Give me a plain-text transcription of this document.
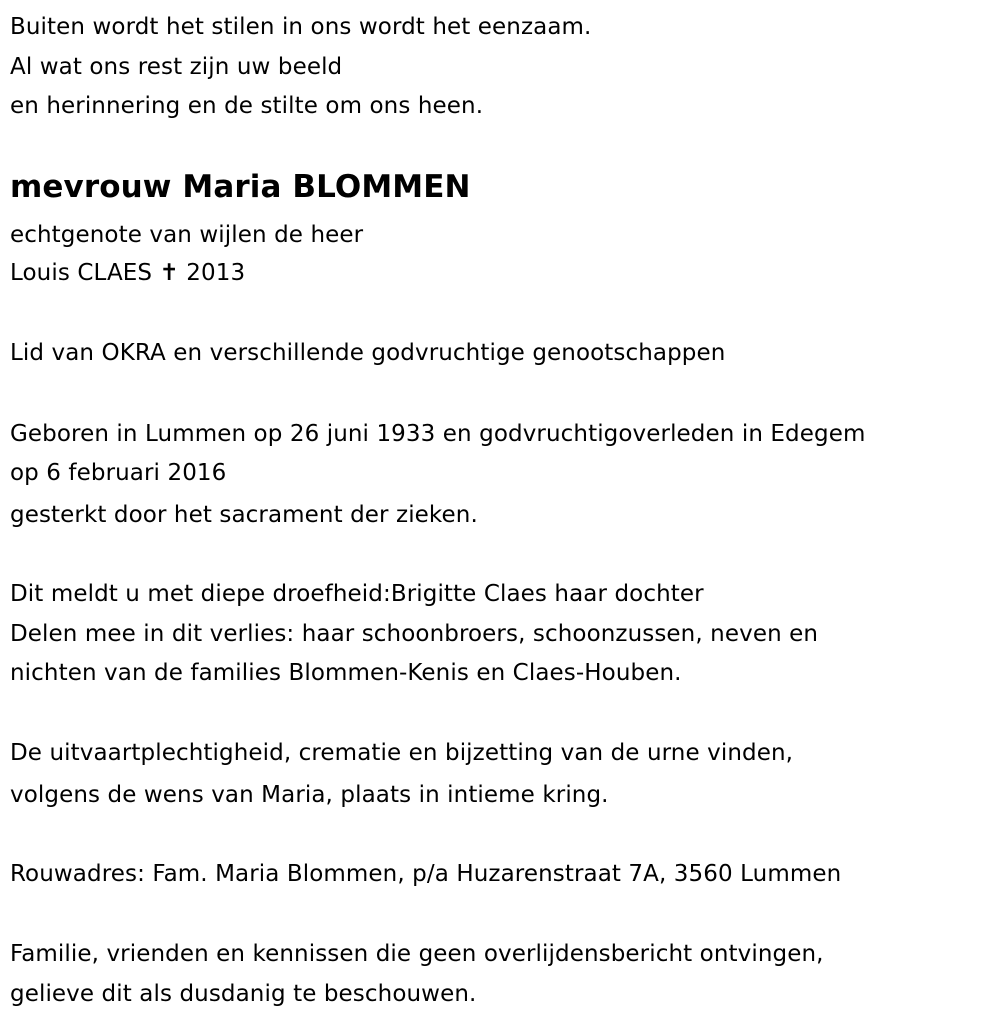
Buiten wordt het stilen in ons wordt het eenzaam.
Al wat ons rest zijn uw beeld
en herinnering en de stilte om ons heen.
mevrouw Maria BLOMMEN
echtgenote van wijlen de heer
Louis CLAES ✝ 2013
Lid van OKRA en verschillende godvruchtige genootschappen
Geboren in Lummen op 26 juni 1933 en godvruchtigoverleden in Edegem
op 6 februari 2016
gesterkt door het sacrament der zieken.
Dit meldt u met diepe droefheid:Brigitte Claes haar dochter
Delen mee in dit verlies: haar schoonbroers, schoonzussen, neven en
nichten van de families Blommen-Kenis en Claes-Houben.
De uitvaartplechtigheid, crematie en bijzetting van de urne vinden,
volgens de wens van Maria, plaats in intieme kring.
Rouwadres: Fam. Maria Blommen, p/a Huzarenstraat 7A, 3560 Lummen
Familie, vrienden en kennissen die geen overlijdensbericht ontvingen,
gelieve dit als dusdanig te beschouwen.
